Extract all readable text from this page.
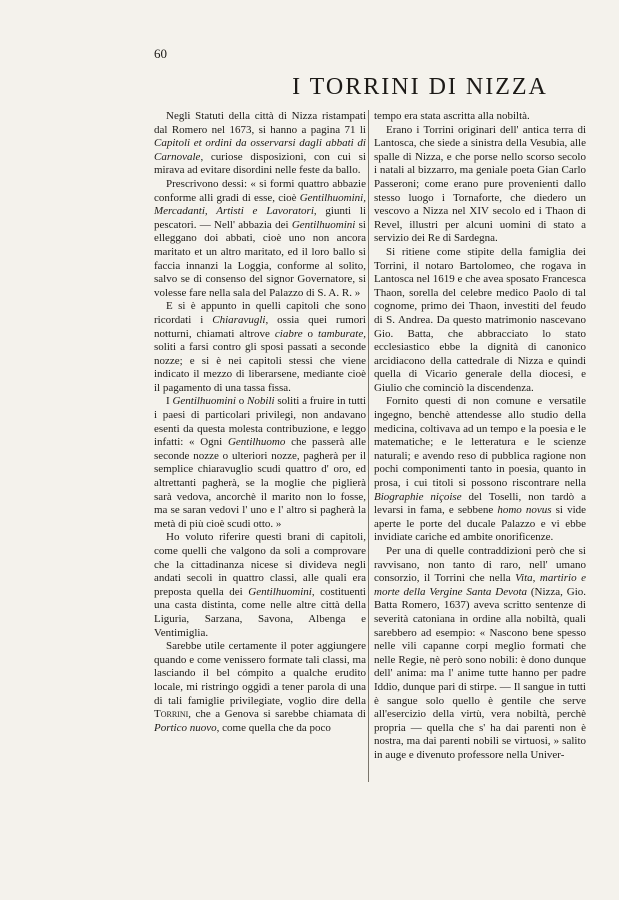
60
I TORRINI DI NIZZA

Negli Statuti della città di Nizza ristampati dal Romero nel 1673, si hanno a pagina 71 li Capitoli et ordini da osservarsi dagli abbati di Carnovale, curiose disposizioni, con cui si mirava ad evitare disordini nelle feste da ballo.

Prescrivono dessi: « si formi quattro abbazie conforme alli gradi di esse, cioè Gentilhuomini, Mercadanti, Artisti e Lavoratori, giunti li pescatori. — Nell' abbazia dei Gentilhuomini si elleggano doi abbati, cioè uno non ancora maritato et un altro maritato, ed il loro ballo si faccia innanzi la Loggia, conforme al solito, salvo se di consenso del signor Governatore, si volesse fare nella sala del Palazzo di S. A. R. »

E si è appunto in quelli capitoli che sono ricordati i Chiaravugli, ossia quei rumori notturni, chiamati altrove ciabre o tamburate, soliti a farsi contro gli sposi passati a seconde nozze; e si è nei capitoli stessi che viene indicato il mezzo di liberarsene, mediante cioè il pagamento di una tassa fissa.

I Gentilhuomini o Nobili soliti a fruire in tutti i paesi di particolari privilegi, non andavano esenti da questa molesta contribuzione, e leggo infatti: « Ogni Gentilhuomo che passerà alle seconde nozze o ulteriori nozze, pagherà per il semplice chiaravuglio scudi quattro d' oro, ed altrettanti pagherà, se la moglie che piglierà sarà vedova, ancorchè il marito non lo fosse, ma se saran vedovi l' uno e l' altro si pagherà la metà di più cioè scudi otto. »

Ho voluto riferire questi brani di capitoli, come quelli che valgono da soli a comprovare che la cittadinanza nicese si divideva negli andati secoli in quattro classi, alle quali era preposta quella dei Gentilhuomini, costituenti una casta distinta, come nelle altre città della Liguria, Sarzana, Savona, Albenga e Ventimiglia.

Sarebbe utile certamente il poter aggiungere quando e come venissero formate tali classi, ma lasciando il bel cómpito a qualche erudito locale, mi ristringo oggidì a tener parola di una di tali famiglie privilegiate, voglio dire della Torrini, che a Genova si sarebbe chiamata di Portico nuovo, come quella che da poco

tempo era stata ascritta alla nobiltà.

Erano i Torrini originari dell' antica terra di Lantosca, che siede a sinistra della Vesubia, alle spalle di Nizza, e che porse nello scorso secolo i natali al bizzarro, ma geniale poeta Gian Carlo Passeroni; come erano pure provenienti dallo stesso luogo i Tornaforte, che diedero un vescovo a Nizza nel XIV secolo ed i Thaon di Revel, illustri per alcuni uomini di stato a servizio dei Re di Sardegna.

Si ritiene come stipite della famiglia dei Torrini, il notaro Bartolomeo, che rogava in Lantosca nel 1619 e che avea sposato Francesca Thaon, sorella del celebre medico Paolo di tal cognome, primo dei Thaon, investiti del feudo di S. Andrea. Da questo matrimonio nascevano Gio. Batta, che abbracciato lo stato ecclesiastico ebbe la dignità di canonico arcidiacono della cattedrale di Nizza e quindi quella di Vicario generale della diocesi, e Giulio che cominciò la discendenza.

Fornito questi di non comune e versatile ingegno, benchè attendesse allo studio della medicina, coltivava ad un tempo e la poesia e le matematiche; e le letteratura e le scienze naturali; e avendo reso di pubblica ragione non pochi componimenti tanto in poesia, quanto in prosa, i cui titoli si possono riscontrare nella Biographie niçoise del Toselli, non tardò a levarsi in fama, e sebbene homo novus si vide aperte le porte del ducale Palazzo e vi ebbe invidiate cariche ed ambite onorificenze.

Per una di quelle contraddizioni però che si ravvisano, non tanto di raro, nell' umano consorzio, il Torrini che nella Vita, martirio e morte della Vergine Santa Devota (Nizza, Gio. Batta Romero, 1637) aveva scritto sentenze di severità catoniana in ordine alla nobiltà, quali sarebbero ad esempio: « Nascono bene spesso nelle vili capanne corpi meglio formati che nelle Regie, nè però sono nobili: è dono dunque dell' anima: ma l' anime tutte hanno per padre Iddio, dunque pari di stirpe. — Il sangue in tutti è sangue solo quello è gentile che serve all'esercizio della virtù, vera nobiltà, perchè propria — quella che s' ha dai parenti non è nostra, ma dai parenti nobili se virtuosi, » salito in auge e divenuto professore nella Univer-
